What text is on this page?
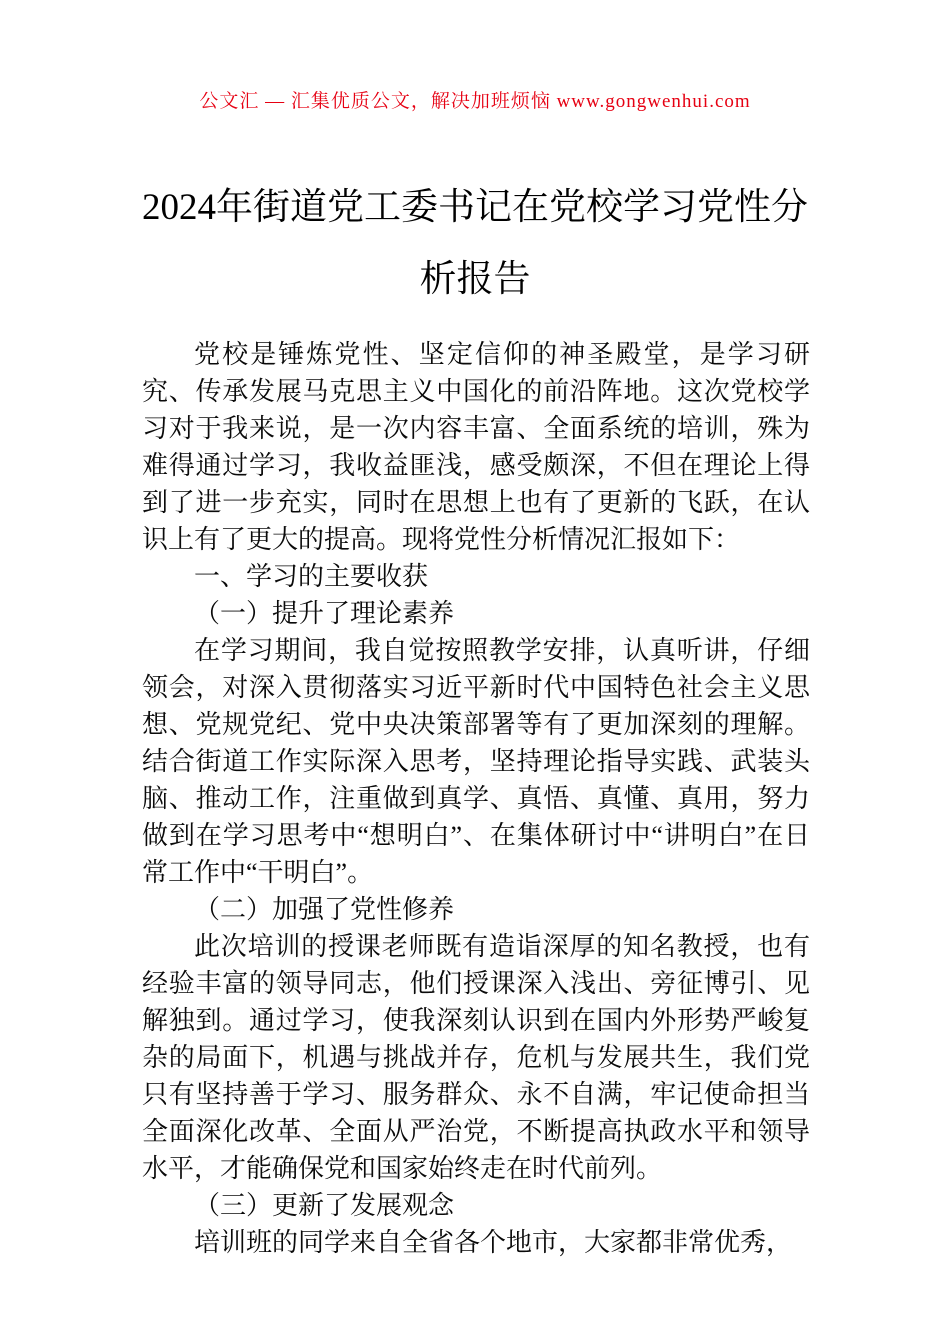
公文汇 — 汇集优质公文，解决加班烦恼 www.gongwenhui.com
2024年街道党工委书记在党校学习党性分析报告

党校是锤炼党性、坚定信仰的神圣殿堂，是学习研究、传承发展马克思主义中国化的前沿阵地。这次党校学习对于我来说，是一次内容丰富、全面系统的培训，殊为难得通过学习，我收益匪浅，感受颇深，不但在理论上得到了进一步充实，同时在思想上也有了更新的飞跃，在认识上有了更大的提高。现将党性分析情况汇报如下：

一、学习的主要收获

（一）提升了理论素养

在学习期间，我自觉按照教学安排，认真听讲，仔细领会，对深入贯彻落实习近平新时代中国特色社会主义思想、党规党纪、党中央决策部署等有了更加深刻的理解。结合街道工作实际深入思考，坚持理论指导实践、武装头脑、推动工作，注重做到真学、真悟、真懂、真用，努力做到在学习思考中“想明白”、在集体研讨中“讲明白”在日常工作中“干明白”。

（二）加强了党性修养

此次培训的授课老师既有造诣深厚的知名教授，也有经验丰富的领导同志，他们授课深入浅出、旁征博引、见解独到。通过学习，使我深刻认识到在国内外形势严峻复杂的局面下，机遇与挑战并存，危机与发展共生，我们党只有坚持善于学习、服务群众、永不自满，牢记使命担当全面深化改革、全面从严治党，不断提高执政水平和领导水平，才能确保党和国家始终走在时代前列。

（三）更新了发展观念

培训班的同学来自全省各个地市，大家都非常优秀，
